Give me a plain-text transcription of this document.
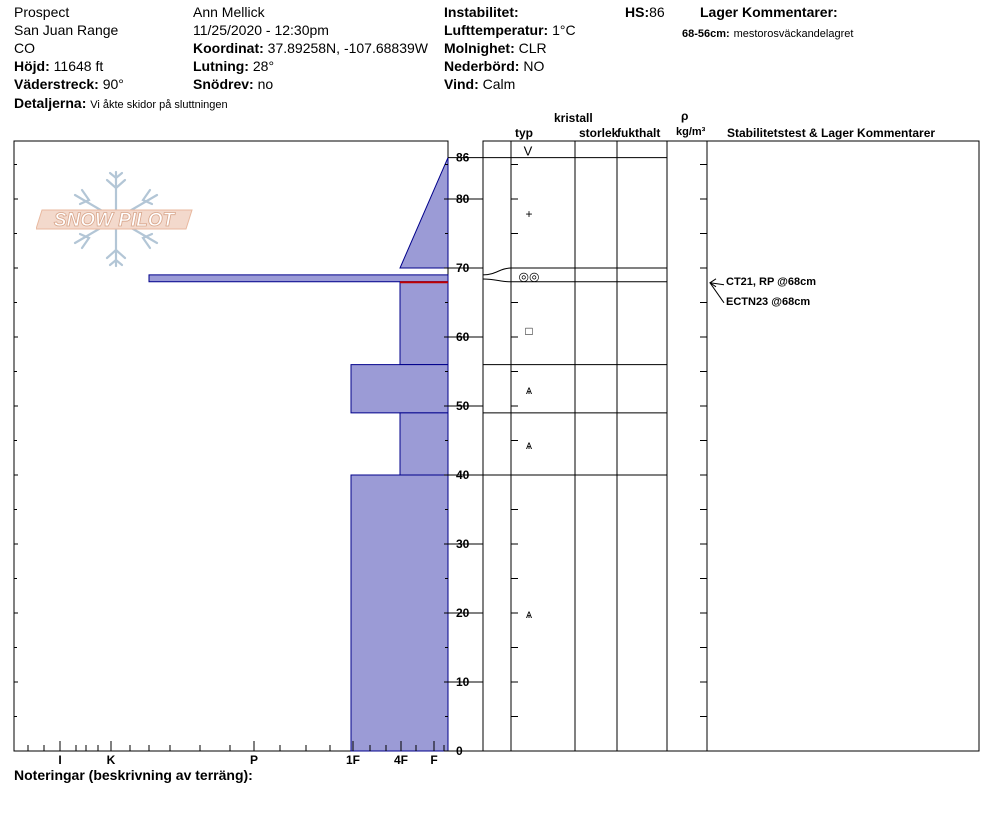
Prospect
San Juan Range
CO
Höjd: 11648 ft
Väderstreck: 90°
Detaljerna: Vi åkte skidor på sluttningen
Ann Mellick
11/25/2020 - 12:30pm
Koordinat: 37.89258N, -107.68839W
Lutning: 28°
Snödrev: no
Instabilitet:
Lufttemperatur: 1°C
Molnighet: CLR
Nederbörd: NO
Vind: Calm
HS:86	Lager Kommentarer:
68-56cm: mestorosväckandelagret
kristall
typ	storlek
fukthalt
ρ
kg/m³ Stabilitetstest & Lager Kommentarer
SNOW PILOT
0
10
20
30
40
50
60
70
80
86
I	K	P	1F	4F F
V
+
◎◎
□
ѧ
ѧ
ѧ
CT21, RP @68cm
ECTN23 @68cm
Noteringar (beskrivning av terräng):
